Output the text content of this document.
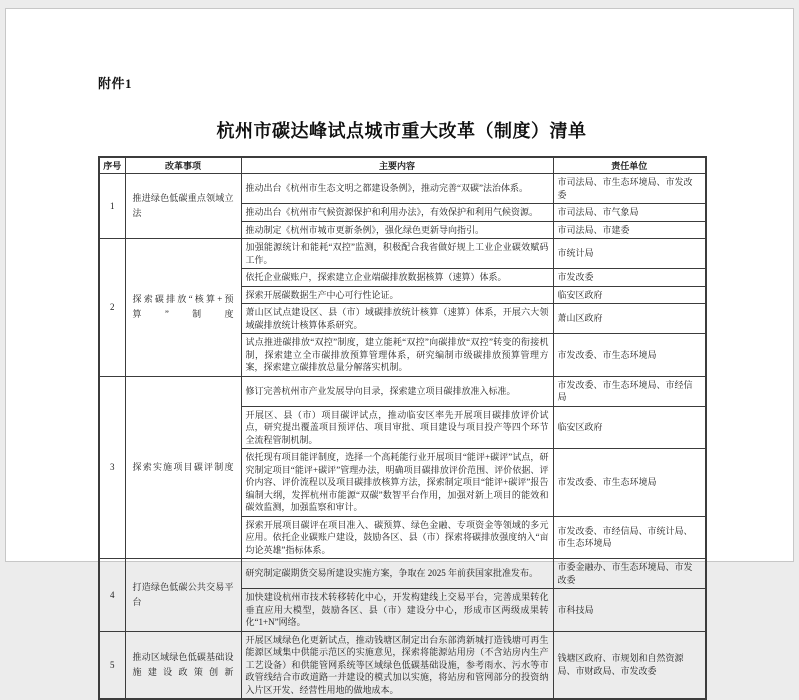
附件1
杭州市碳达峰试点城市重大改革（制度）清单
序号	改革事项	主要内容	责任单位
1	推进绿色低碳重点领域立法	推动出台《杭州市生态文明之都建设条例》，推动完善“双碳”法治体系。	市司法局、市生态环境局、市发改委
		推动出台《杭州市气候资源保护和利用办法》，有效保护和利用气候资源。	市司法局、市气象局
		推动制定《杭州市城市更新条例》，强化绿色更新导向指引。	市司法局、市建委
2	探索碳排放“核算+预算”制度	加强能源统计和能耗“双控”监测，积极配合我省做好规上工业企业碳效赋码工作。	市统计局
		依托企业碳账户，探索建立企业端碳排放数据核算（速算）体系。	市发改委
		探索开展碳数据生产中心可行性论证。	临安区政府
		萧山区试点建设区、县（市）域碳排放统计核算（速算）体系，开展六大领域碳排放统计核算体系研究。	萧山区政府
		试点推进碳排放“双控”制度，建立能耗“双控”向碳排放“双控”转变的衔接机制，探索建立全市碳排放预算管理体系，研究编制市级碳排放预算管理方案，探索建立碳排放总量分解落实机制。	市发改委、市生态环境局
3	探索实施项目碳评制度	修订完善杭州市产业发展导向目录，探索建立项目碳排放准入标准。	市发改委、市生态环境局、市经信局
		开展区、县（市）项目碳评试点，推动临安区率先开展项目碳排放评价试点，研究提出覆盖项目预评估、项目审批、项目建设与项目投产等四个环节全流程管制机制。	临安区政府
		依托现有项目能评制度，选择一个高耗能行业开展项目“能评+碳评”试点，研究制定项目“能评+碳评”管理办法，明确项目碳排放评价范围、评价依据、评价内容、评价流程以及项目碳排放核算方法，探索制定项目“能评+碳评”报告编制大纲，发挥杭州市能源“双碳”数智平台作用，加强对新上项目的能效和碳效监测，加强监察和审计。	市发改委、市生态环境局
		探索开展项目碳评在项目准入、碳预算、绿色金融、专项资金等领域的多元应用。依托企业碳账户建设，鼓励各区、县（市）探索将碳排放强度纳入“亩均论英雄”指标体系。	市发改委、市经信局、市统计局、市生态环境局
4	打造绿色低碳公共交易平台	研究制定碳期货交易所建设实施方案，争取在 2025 年前获国家批准发布。	市委金融办、市生态环境局、市发改委
		加快建设杭州市技术转移转化中心，开发构建线上交易平台，完善成果转化垂直应用大模型，鼓励各区、县（市）建设分中心，形成市区两级成果转化“1+N”网络。	市科技局
5	推动区域绿色低碳基础设施建设政策创新	开展区域绿色化更新试点，推动钱塘区制定出台东部湾新城打造钱塘可再生能源区域集中供能示范区的实施意见，探索将能源站用房（不含站房内生产工艺设备）和供能管网系统等区域绿色低碳基础设施，参考雨水、污水等市政管线结合市政道路一并建设的模式加以实施，将站房和管网部分的投资纳入片区开发、经营性用地的做地成本。	钱塘区政府、市规划和自然资源局、市财政局、市发改委
